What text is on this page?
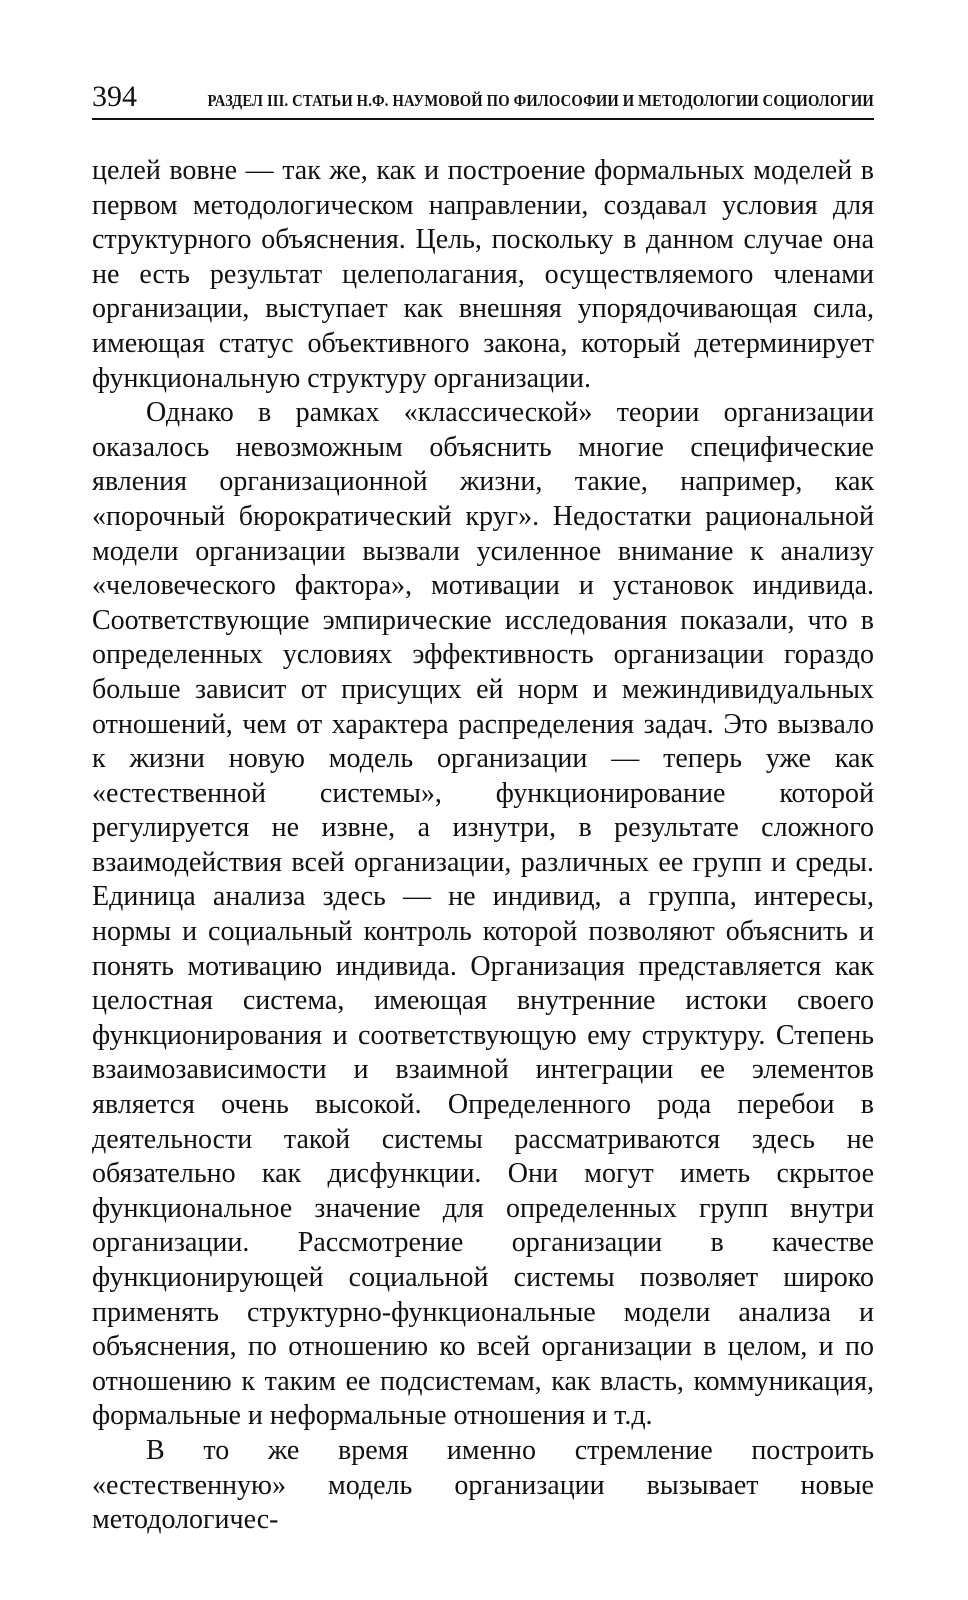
394	РАЗДЕЛ III. СТАТЬИ Н.Ф. НАУМОВОЙ ПО ФИЛОСОФИИ И МЕТОДОЛОГИИ СОЦИОЛОГИИ

целей вовне — так же, как и построение формальных моделей в первом методологическом направлении, создавал условия для структурного объяснения. Цель, поскольку в данном случае она не есть результат целеполагания, осуществляемого членами организации, выступает как внешняя упорядочивающая сила, имеющая статус объективного закона, который детерминирует функциональную структуру организации.

Однако в рамках «классической» теории организации оказалось невозможным объяснить многие специфические явления организационной жизни, такие, например, как «порочный бюрократический круг». Недостатки рациональной модели организации вызвали усиленное внимание к анализу «человеческого фактора», мотивации и установок индивида. Соответствующие эмпирические исследования показали, что в определенных условиях эффективность организации гораздо больше зависит от присущих ей норм и межиндивидуальных отношений, чем от характера распределения задач. Это вызвало к жизни новую модель организации — теперь уже как «естественной системы», функционирование которой регулируется не извне, а изнутри, в результате сложного взаимодействия всей организации, различных ее групп и среды. Единица анализа здесь — не индивид, а группа, интересы, нормы и социальный контроль которой позволяют объяснить и понять мотивацию индивида. Организация представляется как целостная система, имеющая внутренние истоки своего функционирования и соответствующую ему структуру. Степень взаимозависимости и взаимной интеграции ее элементов является очень высокой. Определенного рода перебои в деятельности такой системы рассматриваются здесь не обязательно как дисфункции. Они могут иметь скрытое функциональное значение для определенных групп внутри организации. Рассмотрение организации в качестве функционирующей социальной системы позволяет широко применять структурно-функциональные модели анализа и объяснения, по отношению ко всей организации в целом, и по отношению к таким ее подсистемам, как власть, коммуникация, формальные и неформальные отношения и т.д.

В то же время именно стремление построить «естественную» модель организации вызывает новые методологичес-
